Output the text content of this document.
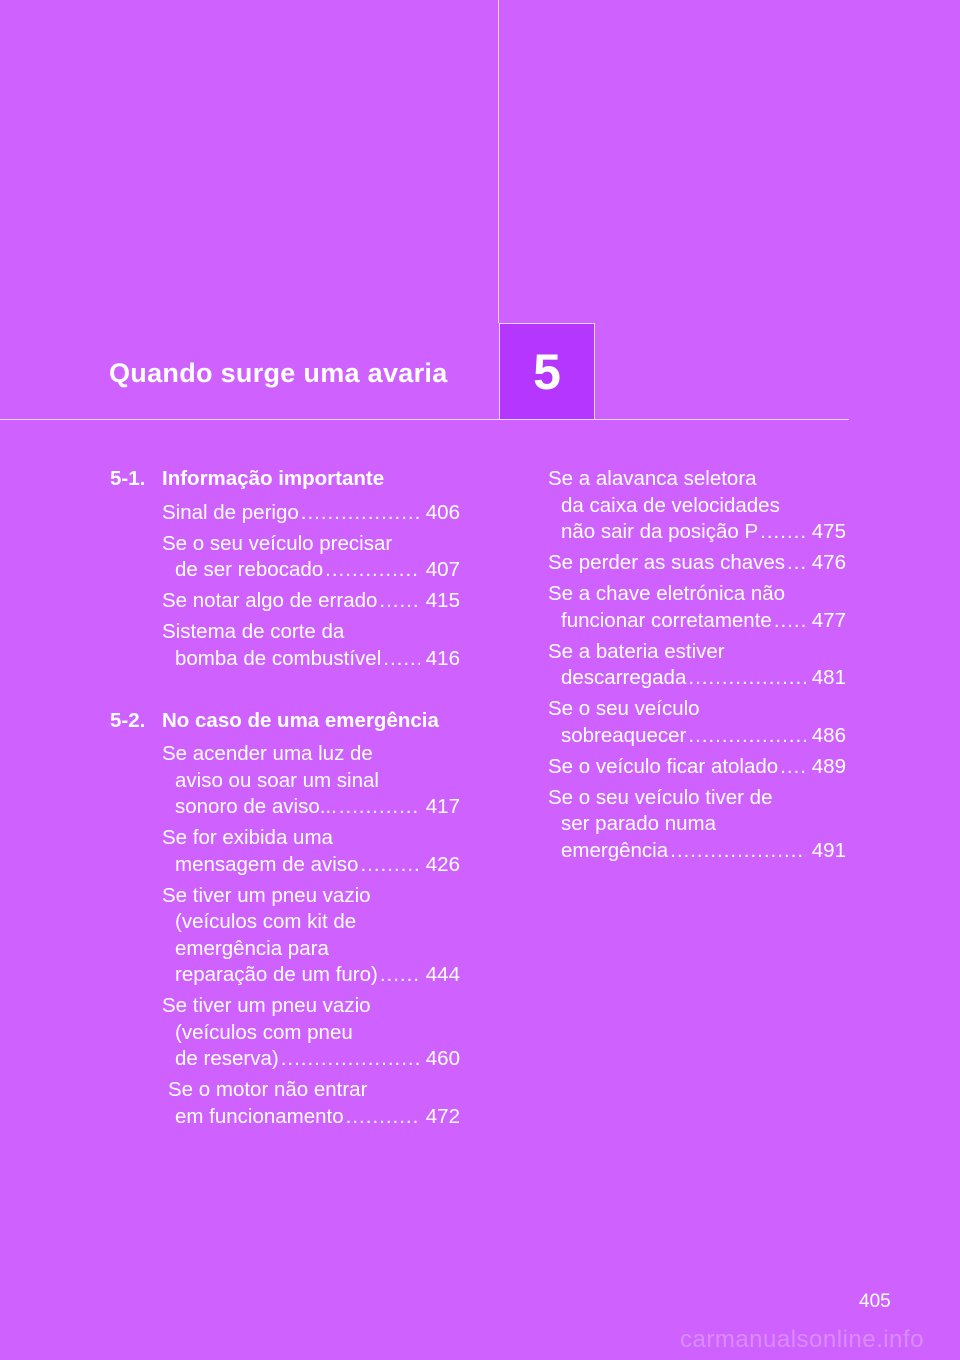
Quando surge uma avaria 5
5-1. Informação importante
Sinal de perigo .....	406
Se o seu veículo precisar
de ser rebocado .....	407
Se notar algo de errado ..... 415
Sistema de corte da
bomba de combustível ..... 416
5-2. No caso de uma emergência
Se acender uma luz de
aviso ou soar um sinal
sonoro de aviso... .....	417
Se for exibida uma
mensagem de aviso .....	426
Se tiver um pneu vazio
(veículos com kit de
emergência para
reparação de um furo) ..... 444
Se tiver um pneu vazio
(veículos com pneu
de reserva) .....	460
Se o motor não entrar
em funcionamento .....	472
Se a alavanca seletora
da caixa de velocidades
não sair da posição P .....	475
Se perder as suas chaves ..... 476
Se a chave eletrónica não
funcionar corretamente ..... 477
Se a bateria estiver
descarregada .....	481
Se o seu veículo
sobreaquecer .....	486
Se o veículo ficar atolado ..... 489
Se o seu veículo tiver de
ser parado numa
emergência .....	491
405
carmanualsonline.info
